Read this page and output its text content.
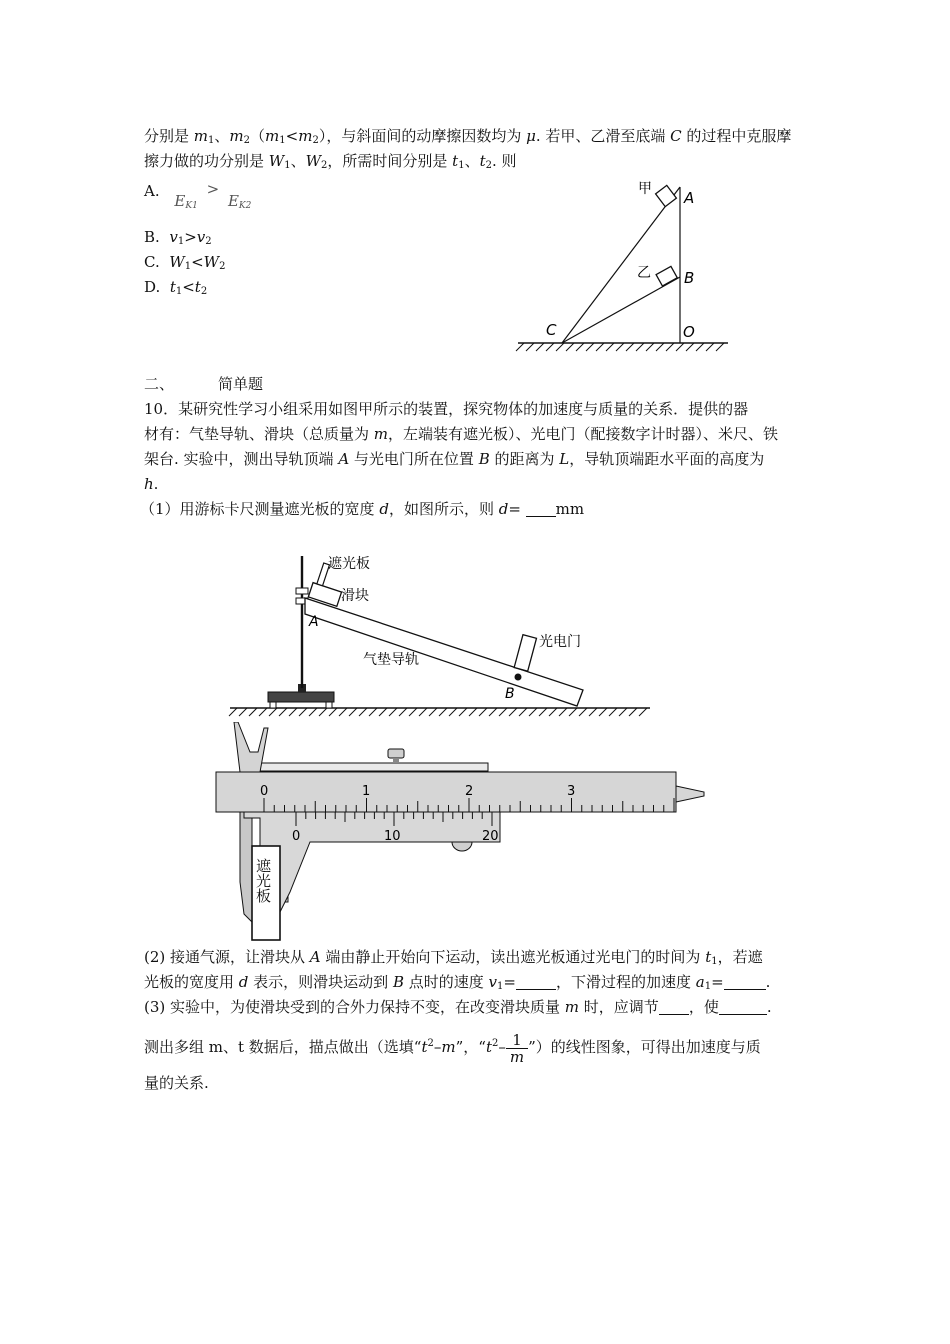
分别是 $m_1$、$m_2(m_1<m_2)$，与斜面间的动摩擦因数均为 μ. 若甲、乙滑至底端 C 的过程中克服摩
擦力做的功分别是 $W_1$、$W_2$，所需时间分别是 $t_1$、$t_2$. 则
A. $E_{K1} > E_{K2}$
B. $v_1>v_2$
C. $W_1<W_2$
D. $t_1<t_2$
甲
乙
A
B
C	O
二、	简单题
10．某研究性学习小组采用如图甲所示的装置，探究物体的加速度与质量的关系．提供的器
材有：气垫导轨、滑块（总质量为 m，左端装有遮光板）、光电门（配接数字计时器）、米尺、铁
架台. 实验中，测出导轨顶端 A 与光电门所在位置 B 的距离为 L，导轨顶端距水平面的高度为
h.
（1）用游标卡尺测量遮光板的宽度 d，如图所示，则 d= mm
遮光板
滑块
A
气垫导轨
光电门
B
0	1	2	3
0	10	20
遮光板
(2) 接通气源，让滑块从 A 端由静止开始向下运动，读出遮光板通过光电门的时间为 $t_1$，若遮
光板的宽度用 d 表示，则滑块运动到 B 点时的速度 $v_1=$	，下滑过程的加速度 $a_1=$	.
(3) 实验中，为使滑块受到的合外力保持不变，在改变滑块质量 m 时，应调节 ，使	.
测出多组 m、t 数据后，描点做出（选填“$t^2-m$”，“$t^2- \frac{1}{m}$ ”）的线性图象，可得出加速度与质
量的关系.
